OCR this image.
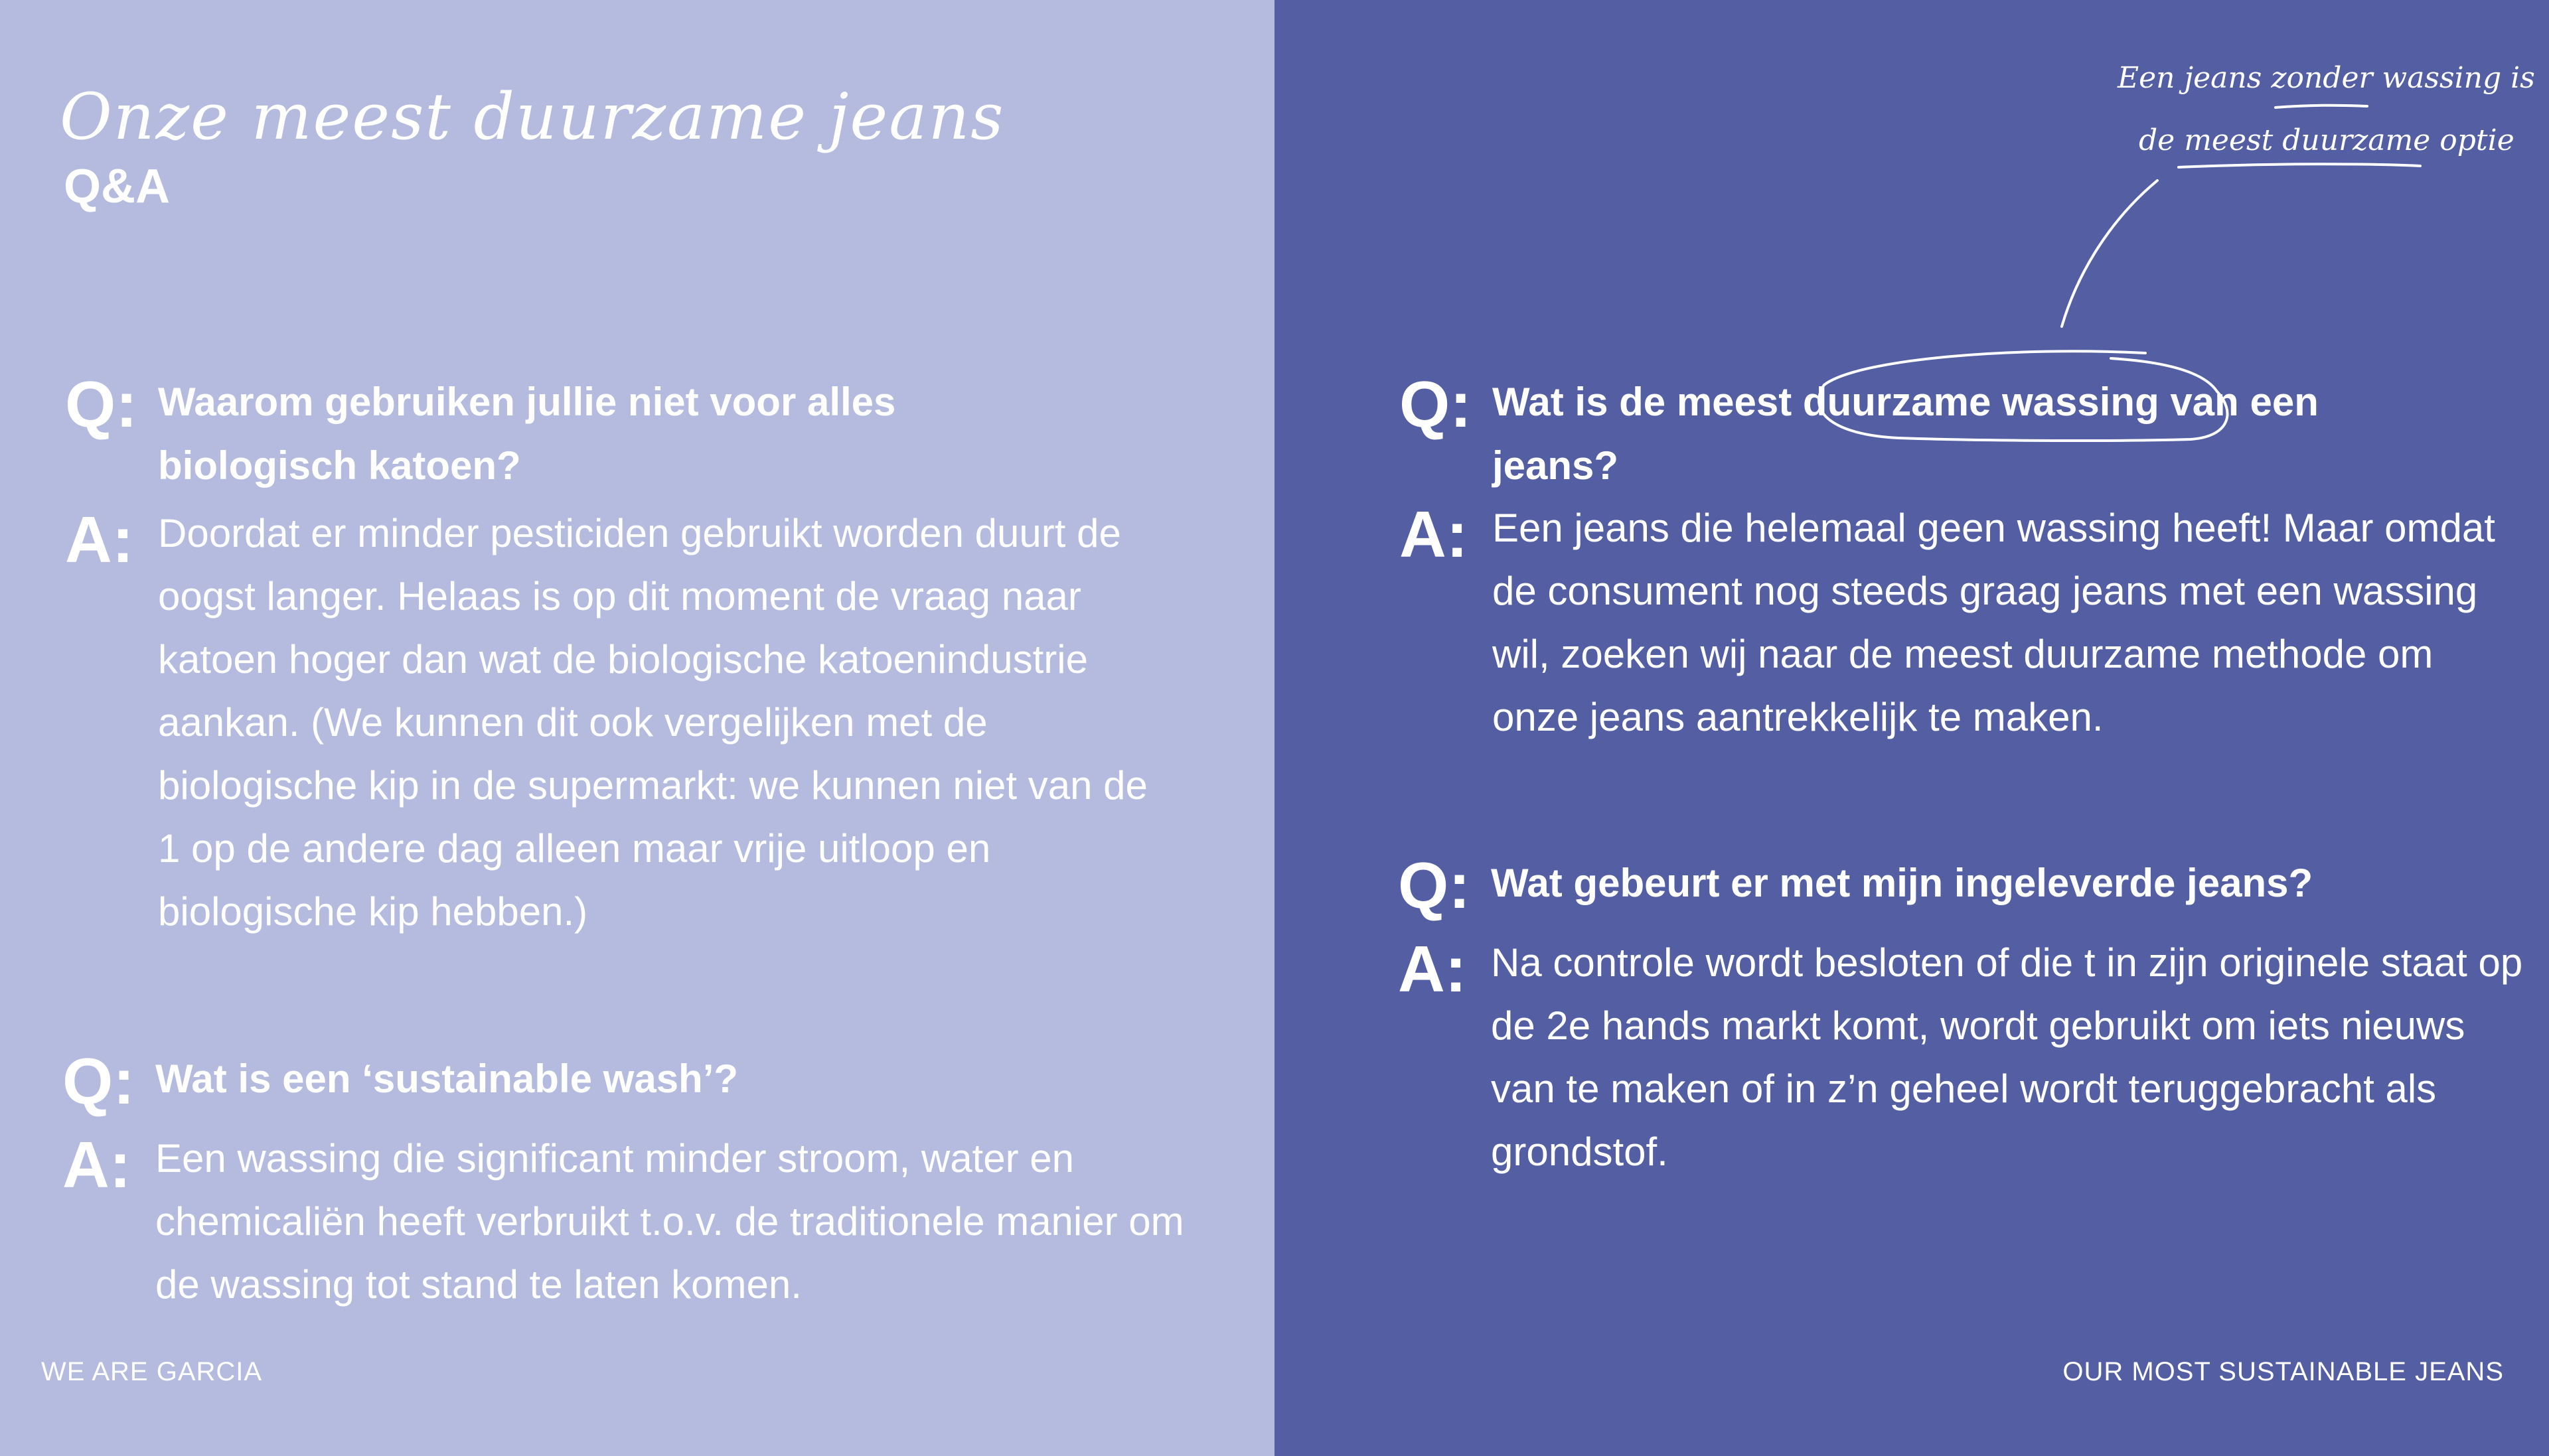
Onze meest duurzame jeans
Q&A
Q: Waarom gebruiken jullie niet voor alles biologisch katoen?
A: Doordat er minder pesticiden gebruikt worden duurt de oogst langer. Helaas is op dit moment de vraag naar katoen hoger dan wat de biologische katoenindustrie aankan. (We kunnen dit ook vergelijken met de biologische kip in de supermarkt: we kunnen niet van de 1 op de andere dag alleen maar vrije uitloop en biologische kip hebben.)
Q: Wat is een ‘sustainable wash’?
A: Een wassing die significant minder stroom, water en chemicaliën heeft verbruikt t.o.v. de traditionele manier om de wassing tot stand te laten komen.
Q: Wat is de meest duurzame wassing van een jeans?
A: Een jeans die helemaal geen wassing heeft! Maar omdat de consument nog steeds graag jeans met een wassing wil, zoeken wij naar de meest duurzame methode om onze jeans aantrekkelijk te maken.
Q: Wat gebeurt er met mijn ingeleverde jeans?
A: Na controle wordt besloten of die t in zijn originele staat op de 2e hands markt komt, wordt gebruikt om iets nieuws van te maken of in z’n geheel wordt teruggebracht als grondstof.
Een jeans zonder wassing is
de meest duurzame optie
WE ARE GARCIA	OUR MOST SUSTAINABLE JEANS
